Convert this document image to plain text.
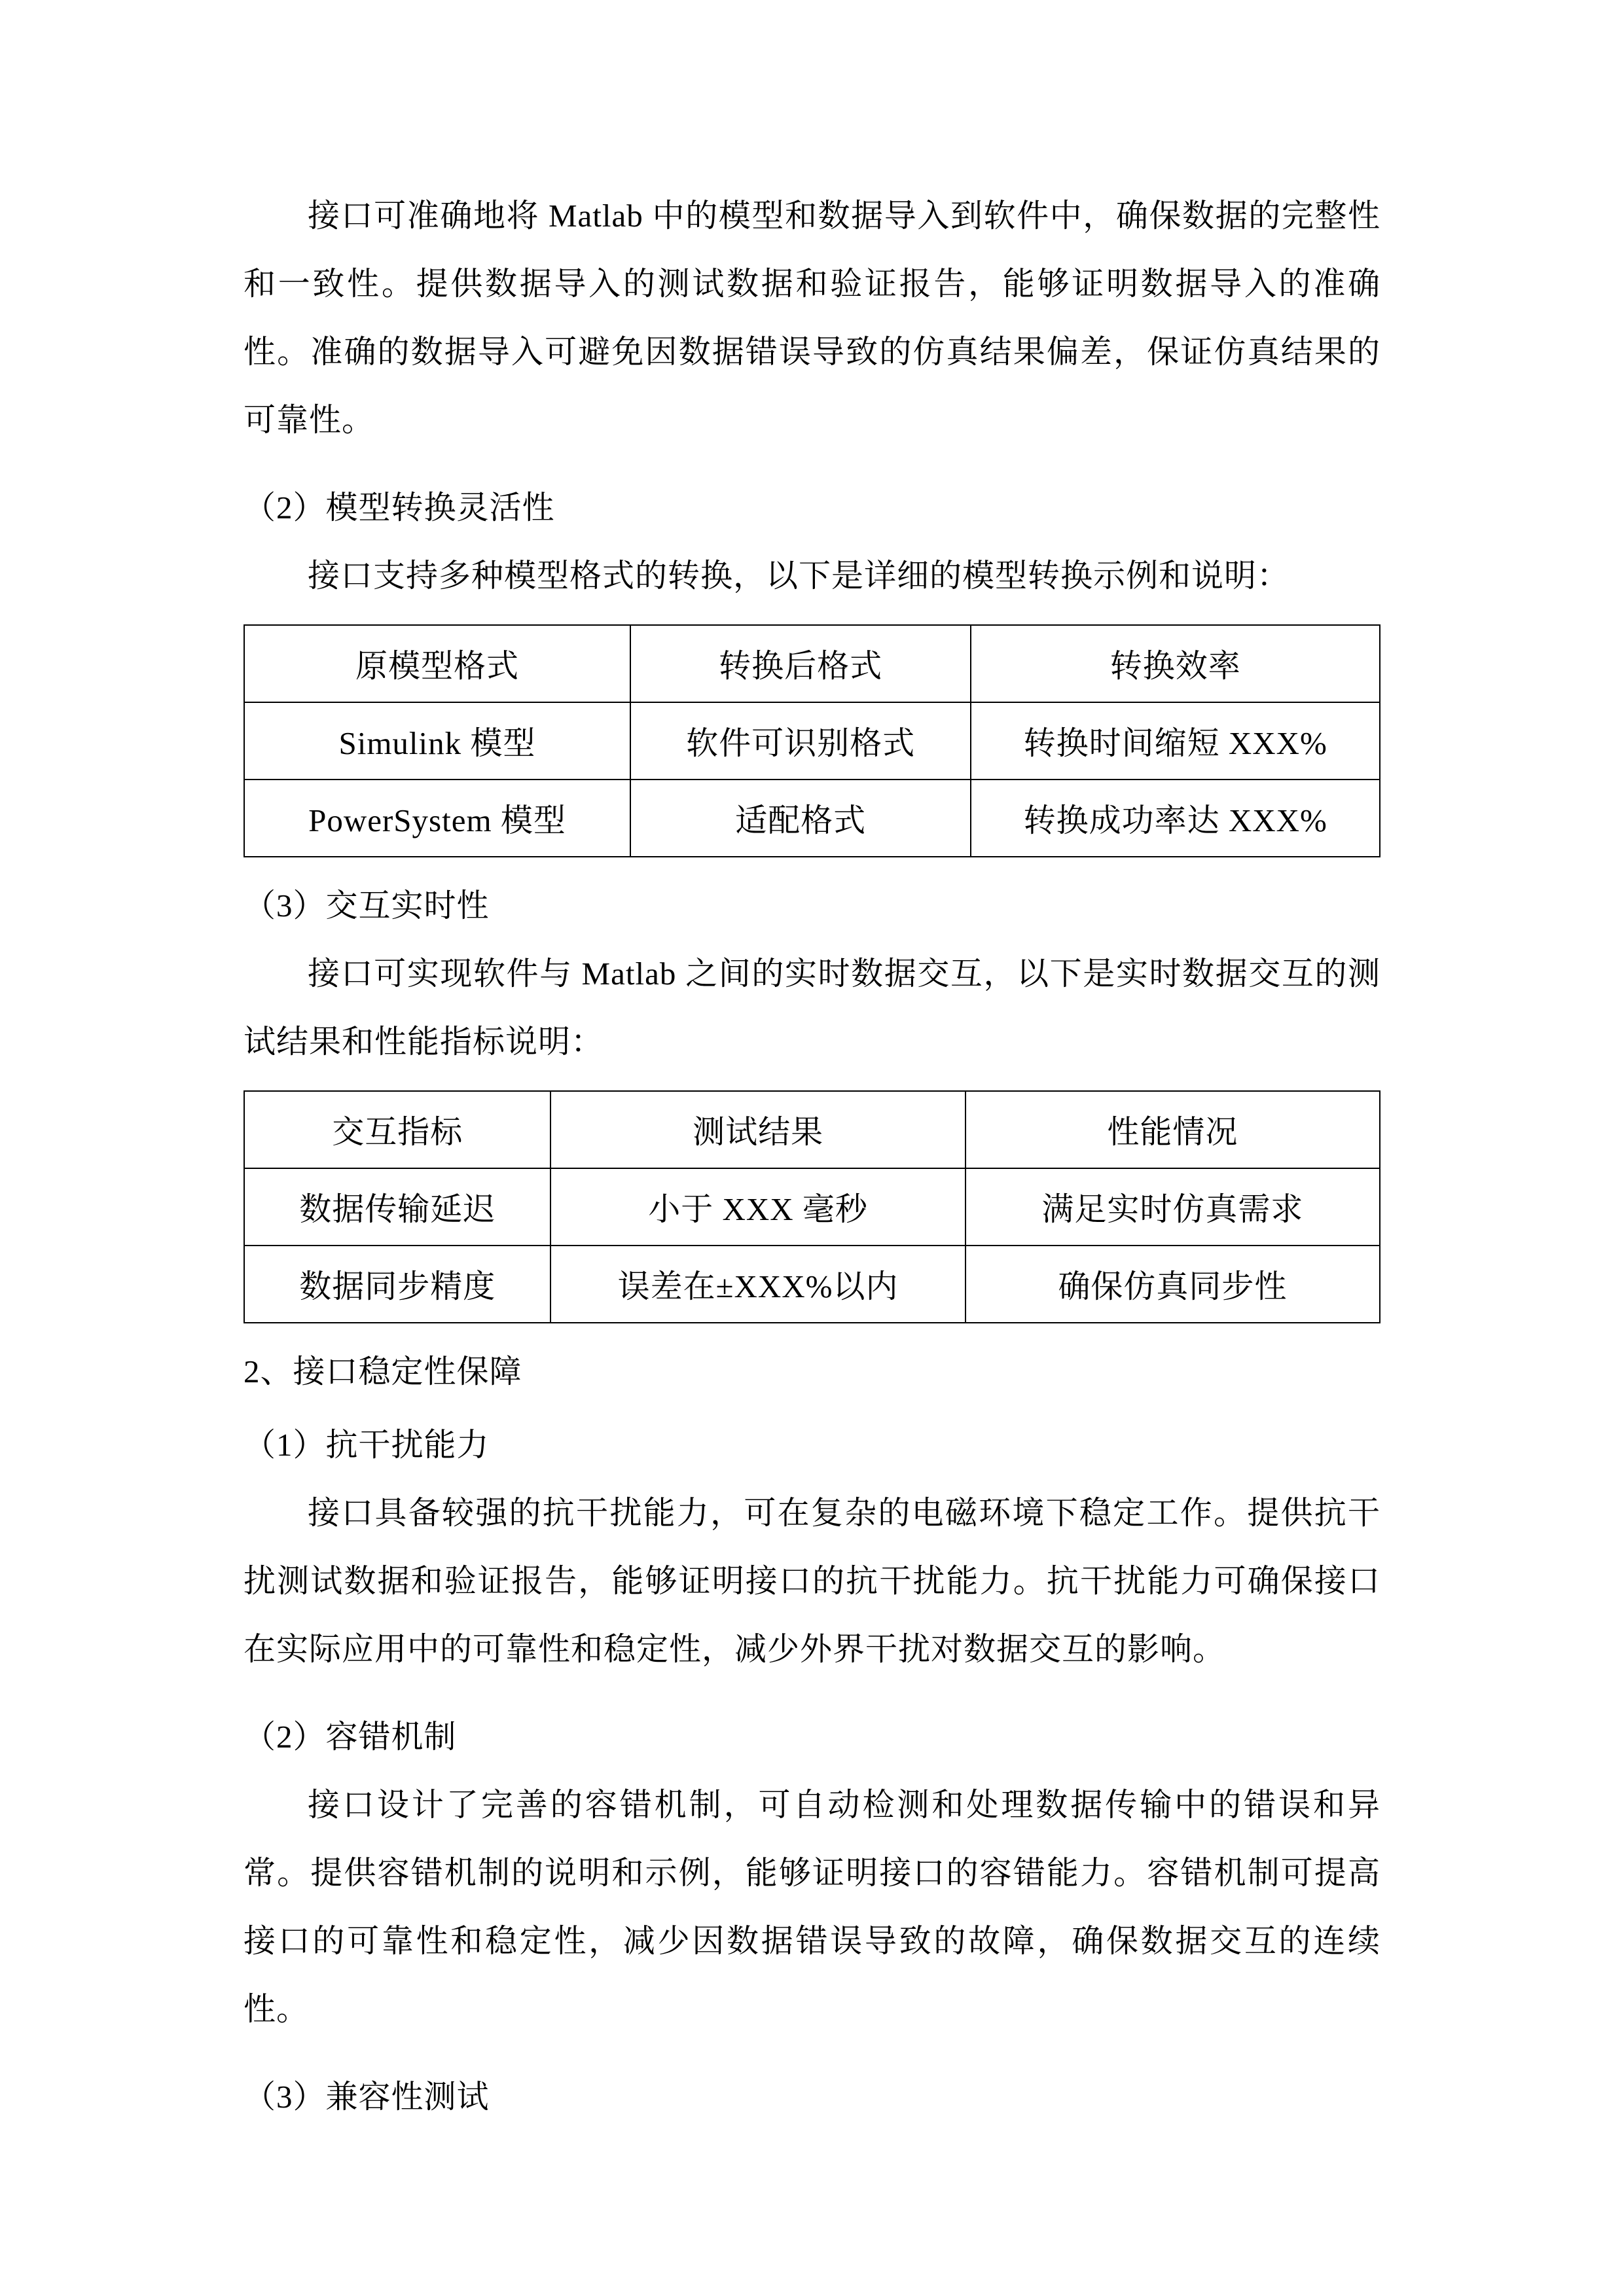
接口可准确地将 Matlab 中的模型和数据导入到软件中，确保数据的完整性和一致性。提供数据导入的测试数据和验证报告，能够证明数据导入的准确性。准确的数据导入可避免因数据错误导致的仿真结果偏差，保证仿真结果的可靠性。

（2）模型转换灵活性

接口支持多种模型格式的转换，以下是详细的模型转换示例和说明：

原模型格式	转换后格式	转换效率
Simulink 模型	软件可识别格式	转换时间缩短 XXX%
PowerSystem 模型	适配格式	转换成功率达 XXX%

（3）交互实时性

接口可实现软件与 Matlab 之间的实时数据交互，以下是实时数据交互的测试结果和性能指标说明：

交互指标	测试结果	性能情况
数据传输延迟	小于 XXX 毫秒	满足实时仿真需求
数据同步精度	误差在±XXX%以内	确保仿真同步性

2、接口稳定性保障

（1）抗干扰能力

接口具备较强的抗干扰能力，可在复杂的电磁环境下稳定工作。提供抗干扰测试数据和验证报告，能够证明接口的抗干扰能力。抗干扰能力可确保接口在实际应用中的可靠性和稳定性，减少外界干扰对数据交互的影响。

（2）容错机制

接口设计了完善的容错机制，可自动检测和处理数据传输中的错误和异常。提供容错机制的说明和示例，能够证明接口的容错能力。容错机制可提高接口的可靠性和稳定性，减少因数据错误导致的故障，确保数据交互的连续性。

（3）兼容性测试
